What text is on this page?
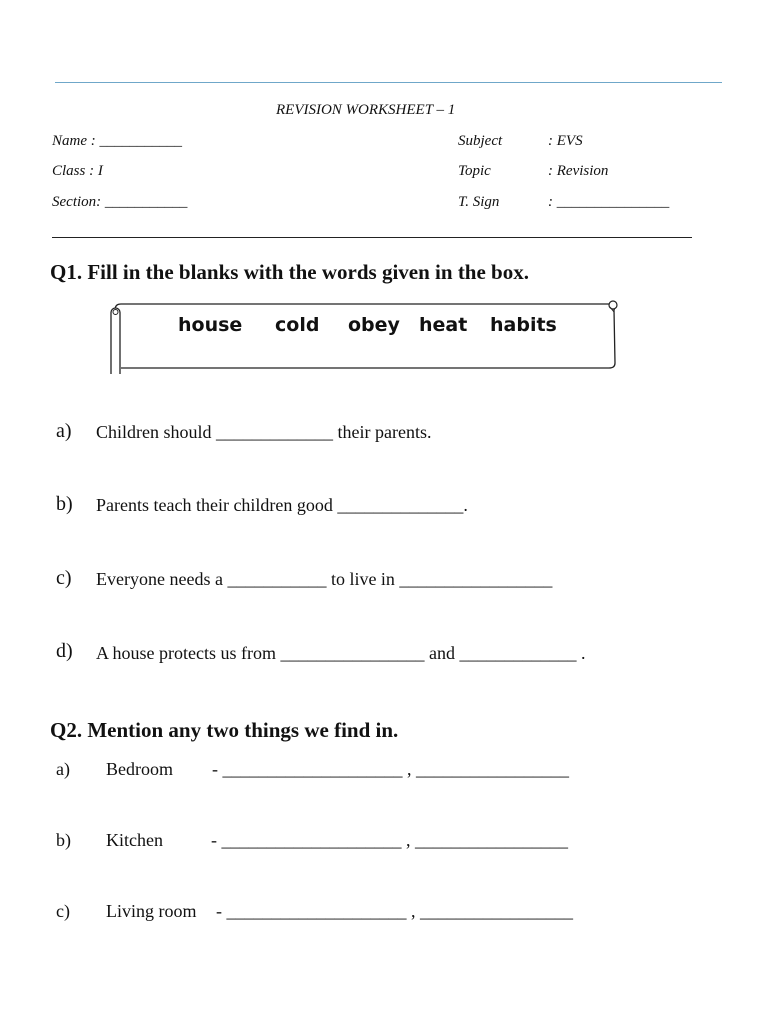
REVISION WORKSHEET – 1
Name : ___________
Class : I
Section: ___________
Subject	: EVS
Topic	: Revision
T. Sign	: _______________
Q1. Fill in the blanks with the words given in the box.
house cold obey heat habits
a) Children should _____________ their parents.
b) Parents teach their children good ______________.
c) Everyone needs a ___________ to live in _________________
d) A house protects us from ________________ and _____________ .
Q2. Mention any two things we find in.
a) Bedroom - ____________________ , _________________
b) Kitchen	- ____________________ , _________________
c) Living room - ____________________ , _________________
